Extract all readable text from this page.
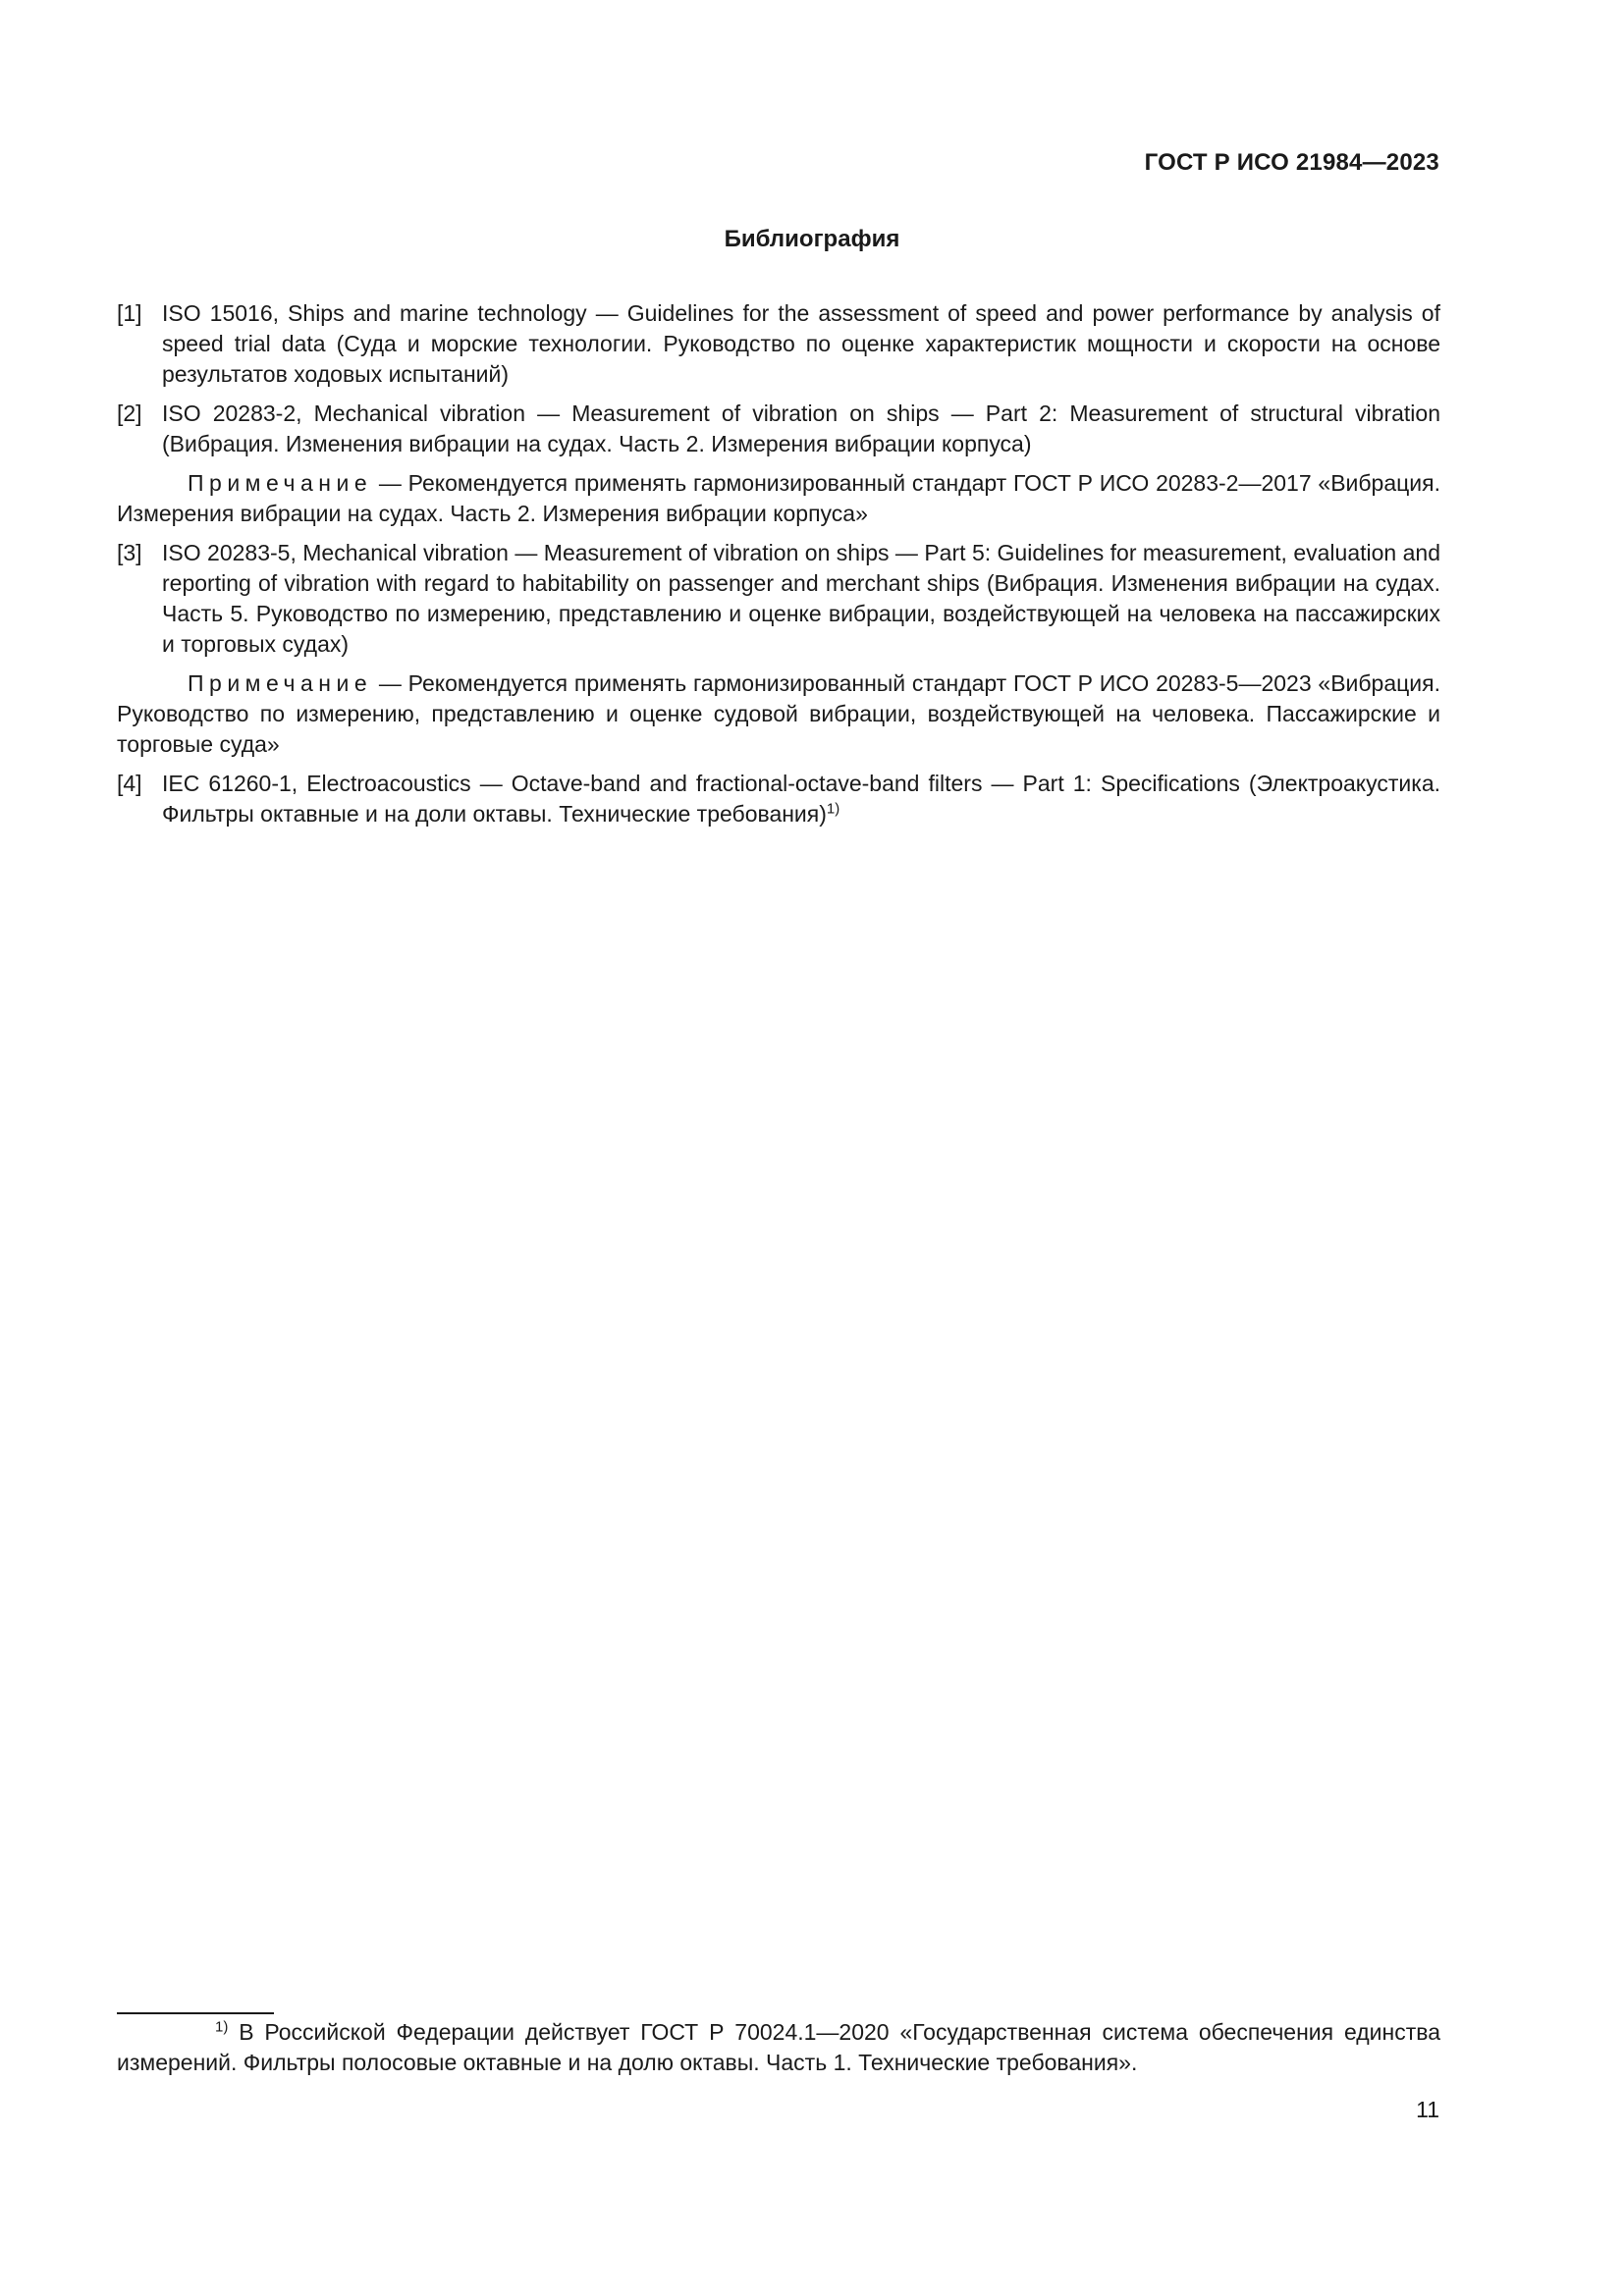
ГОСТ Р ИСО 21984—2023
Библиография
[1] ISO 15016, Ships and marine technology — Guidelines for the assessment of speed and power performance by analysis of speed trial data (Суда и морские технологии. Руководство по оценке характеристик мощности и скорости на основе результатов ходовых испытаний)
[2] ISO 20283-2, Mechanical vibration — Measurement of vibration on ships — Part 2: Measurement of structural vibration (Вибрация. Изменения вибрации на судах. Часть 2. Измерения вибрации корпуса)
Примечание — Рекомендуется применять гармонизированный стандарт ГОСТ Р ИСО 20283-2—2017 «Вибрация. Измерения вибрации на судах. Часть 2. Измерения вибрации корпуса»
[3] ISO 20283-5, Mechanical vibration — Measurement of vibration on ships — Part 5: Guidelines for measurement, evaluation and reporting of vibration with regard to habitability on passenger and merchant ships (Вибрация. Изменения вибрации на судах. Часть 5. Руководство по измерению, представлению и оценке вибрации, воздействующей на человека на пассажирских и торговых судах)
Примечание — Рекомендуется применять гармонизированный стандарт ГОСТ Р ИСО 20283-5—2023 «Вибрация. Руководство по измерению, представлению и оценке судовой вибрации, воздействующей на человека. Пассажирские и торговые суда»
[4] IEC 61260-1, Electroacoustics — Octave-band and fractional-octave-band filters — Part 1: Specifications (Электроакустика. Фильтры октавные и на доли октавы. Технические требования)$^{1)}$
$^{1)}$ В Российской Федерации действует ГОСТ Р 70024.1—2020 «Государственная система обеспечения единства измерений. Фильтры полосовые октавные и на долю октавы. Часть 1. Технические требования».
11
